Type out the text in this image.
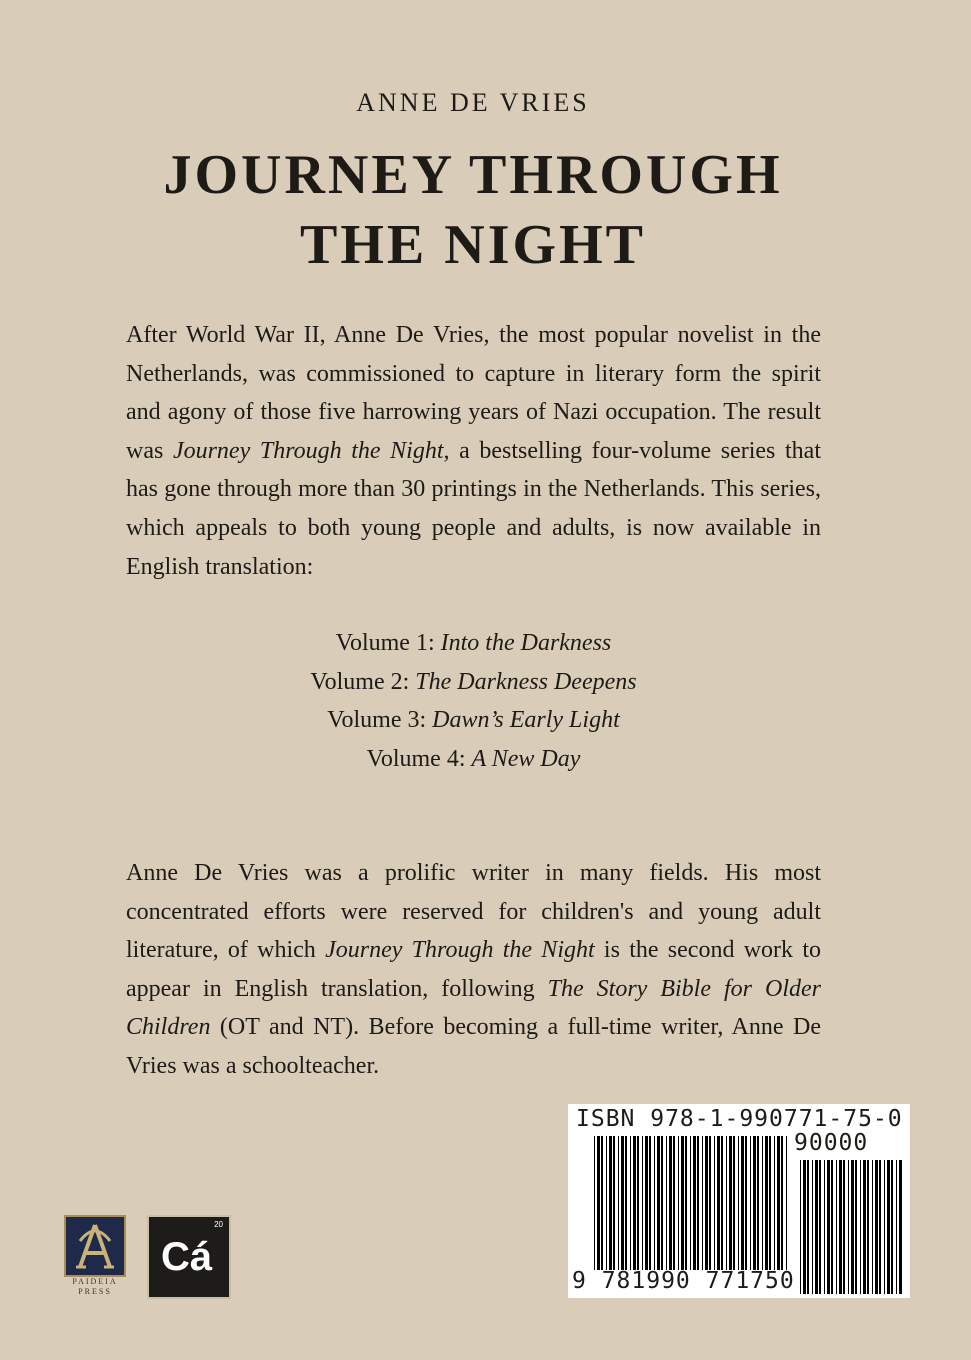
ANNE DE VRIES
JOURNEY THROUGH
THE NIGHT
After World War II, Anne De Vries, the most popular novelist in the Netherlands, was commissioned to capture in literary form the spirit and agony of those five harrowing years of Nazi occupation. The result was Journey Through the Night, a bestselling four-volume series that has gone through more than 30 printings in the Netherlands. This series, which appeals to both young people and adults, is now available in English translation:
Volume 1: Into the Darkness
Volume 2: The Darkness Deepens
Volume 3: Dawn’s Early Light
Volume 4: A New Day
Anne De Vries was a prolific writer in many fields. His most concentrated efforts were reserved for children's and young adult literature, of which Journey Through the Night is the second work to appear in English translation, following The Story Bible for Older Children (OT and NT). Before becoming a full-time writer, Anne De Vries was a schoolteacher.
ISBN 978-1-990771-75-0
90000
9 781990 771750
PAIDEIA
PRESS
20
Cá
